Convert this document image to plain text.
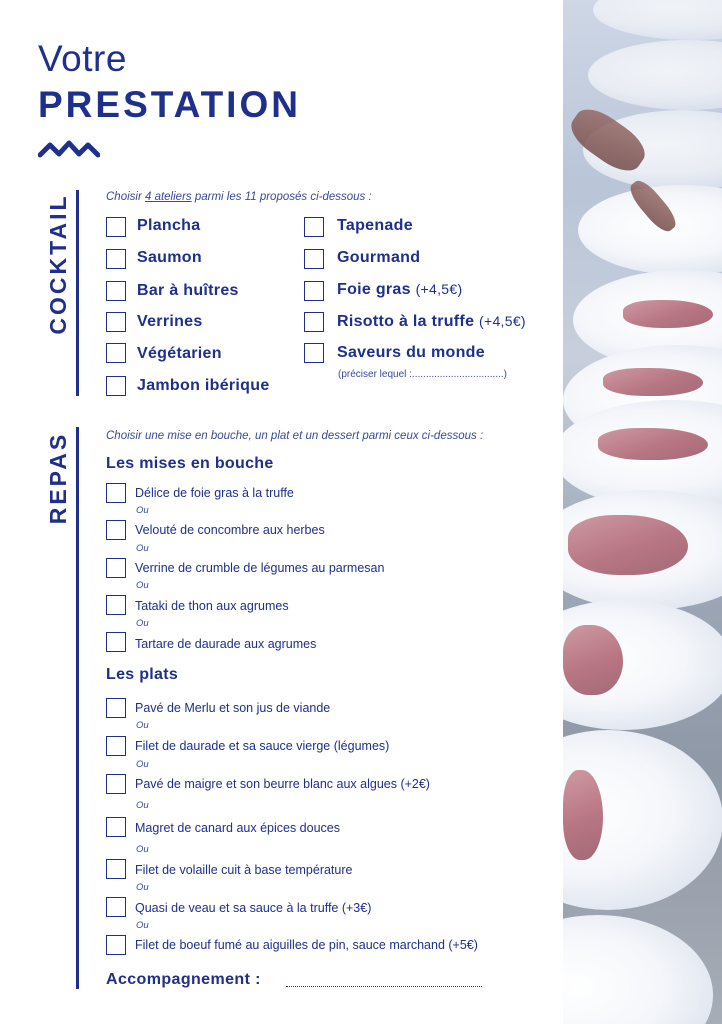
Votre
PRESTATION
COCKTAIL	Choisir 4 ateliers parmi les 11 proposés ci-dessous :
Plancha
Saumon
Bar à huîtres
Verrines
Végétarien
Jambon ibérique
Tapenade
Gourmand
Foie gras (+4,5€)
Risotto à la truffe (+4,5€)
Saveurs du monde
(préciser lequel :.................................)
REPAS	Choisir une mise en bouche, un plat et un dessert parmi ceux ci-dessous :
Les mises en bouche
Délice de foie gras à la truffe
Ou
Velouté de concombre aux herbes
Ou
Verrine de crumble de légumes au parmesan
Ou
Tataki de thon aux agrumes
Ou
Tartare de daurade aux agrumes
Les plats
Pavé de Merlu et son jus de viande
Ou
Filet de daurade et sa sauce vierge (légumes)
Ou
Pavé de maigre et son beurre blanc aux algues (+2€)
Ou
Magret de canard aux épices douces
Ou
Filet de volaille cuit à base température
Ou
Quasi de veau et sa sauce à la truffe (+3€)
Ou
Filet de boeuf fumé au aiguilles de pin, sauce marchand (+5€)
Accompagnement :
